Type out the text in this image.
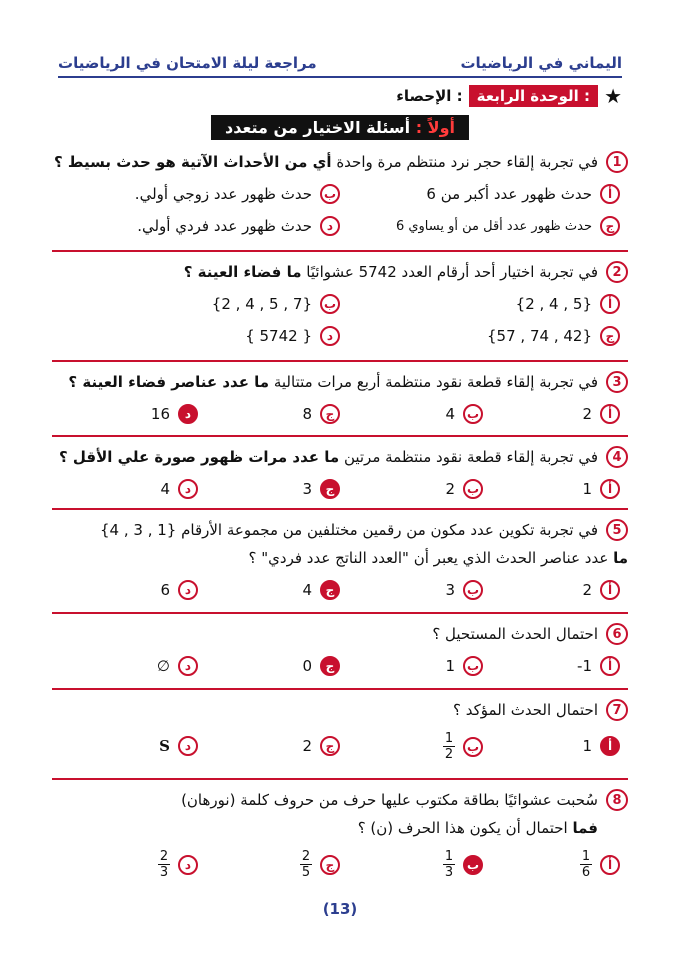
اليماني في الرياضيات
مراجعة ليلة الامتحان في الرياضيات
★
الوحدة الرابعة :
الإحصاء :
أولاً : أسئلة الاختيار من متعدد
1
في تجربة إلقاء حجر نرد منتظم مرة واحدة أي من الأحداث الآتية هو حدث بسيط ؟
أ
حدث ظهور عدد أكبر من 6
ب
حدث ظهور عدد زوجي أولي.
ج
حدث ظهور عدد أقل من أو يساوي 6
د
حدث ظهور عدد فردي أولي.
2
في تجربة اختيار أحد أرقام العدد 5742 عشوائيًا ما فضاء العينة ؟
أ
{5 , 4 , 2}
ب
{7 , 5 , 4 , 2}
ج
{42 , 74 , 57}
د
{ 5742 }
3
في تجربة إلقاء قطعة نقود منتظمة أربع مرات متتالية ما عدد عناصر فضاء العينة ؟
أ
2
ب
4
ج
8
د
16
4
في تجربة إلقاء قطعة نقود منتظمة مرتين ما عدد مرات ظهور صورة علي الأقل ؟
أ
1
ب
2
ج
3
د
4
5
في تجربة تكوين عدد مكون من رقمين مختلفين من مجموعة الأرقام {1 , 3 , 4}
ما عدد عناصر الحدث الذي يعبر أن "العدد الناتج عدد فردي" ؟
أ
2
ب
3
ج
4
د
6
6
احتمال الحدث المستحيل ؟
أ
-1
ب
1
ج
0
د
∅
7
احتمال الحدث المؤكد ؟
أ
1
ب
$\frac{1}{2}$
ج
2
د
S
8
سُحبت عشوائيًا بطاقة مكتوب عليها حرف من حروف كلمة (نورهان)
فما احتمال أن يكون هذا الحرف (ن) ؟
أ
$\frac{1}{6}$
ب
$\frac{1}{3}$
ج
$\frac{2}{5}$
د
$\frac{2}{3}$
(13)
